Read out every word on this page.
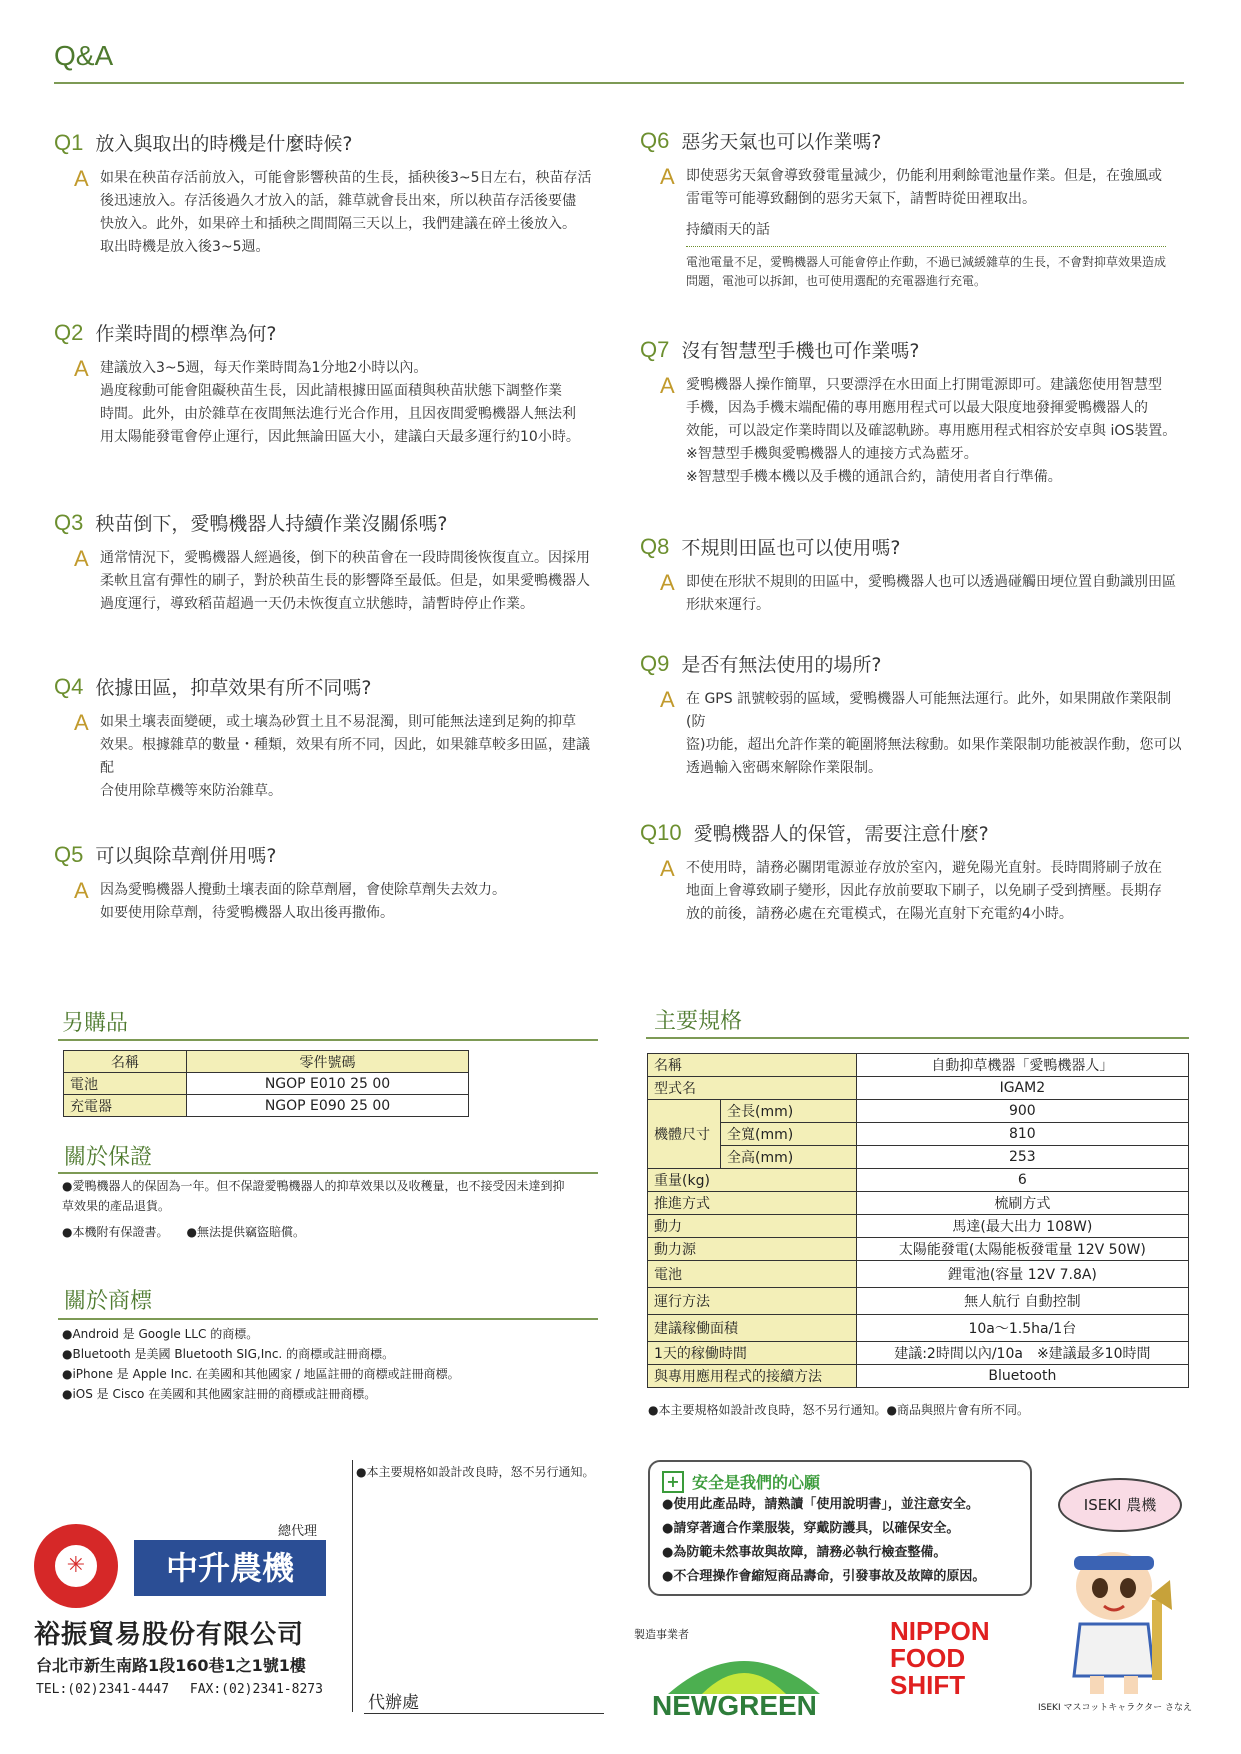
Q&A
Q1 放入與取出的時機是什麼時候?
A 如果在秧苗存活前放入，可能會影響秧苗的生長，插秧後3~5日左右，秧苗存活
後迅速放入。存活後過久才放入的話，雜草就會長出來，所以秧苗存活後要儘
快放入。此外，如果碎土和插秧之間間隔三天以上，我們建議在碎土後放入。
取出時機是放入後3~5週。
Q2 作業時間的標準為何?
A 建議放入3~5週，每天作業時間為1分地2小時以內。
過度稼動可能會阻礙秧苗生長，因此請根據田區面積與秧苗狀態下調整作業
時間。此外，由於雜草在夜間無法進行光合作用，且因夜間愛鴨機器人無法利
用太陽能發電會停止運行，因此無論田區大小，建議白天最多運行約10小時。
Q3 秧苗倒下，愛鴨機器人持續作業沒關係嗎?
A 通常情況下，愛鴨機器人經過後，倒下的秧苗會在一段時間後恢復直立。因採用
柔軟且富有彈性的刷子，對於秧苗生長的影響降至最低。但是，如果愛鴨機器人
過度運行，導致稻苗超過一天仍未恢復直立狀態時，請暫時停止作業。
Q4 依據田區，抑草效果有所不同嗎?
A 如果土壤表面變硬，或土壤為砂質土且不易混濁，則可能無法達到足夠的抑草
效果。根據雜草的數量・種類，效果有所不同，因此，如果雜草較多田區，建議配
合使用除草機等來防治雜草。
Q5 可以與除草劑併用嗎?
A 因為愛鴨機器人攪動土壤表面的除草劑層，會使除草劑失去效力。
如要使用除草劑，待愛鴨機器人取出後再撒佈。
Q6 惡劣天氣也可以作業嗎?
A 即使惡劣天氣會導致發電量減少，仍能利用剩餘電池量作業。但是，在強風或
雷電等可能導致翻倒的惡劣天氣下，請暫時從田裡取出。
持續雨天的話
電池電量不足，愛鴨機器人可能會停止作動，不過已減緩雜草的生長，不會對抑草效果造成
問題，電池可以拆卸，也可使用選配的充電器進行充電。
Q7 沒有智慧型手機也可作業嗎?
A 愛鴨機器人操作簡單，只要漂浮在水田面上打開電源即可。建議您使用智慧型
手機，因為手機末端配備的專用應用程式可以最大限度地發揮愛鴨機器人的
效能，可以設定作業時間以及確認軌跡。專用應用程式相容於安卓與 iOS裝置。
※智慧型手機與愛鴨機器人的連接方式為藍牙。
※智慧型手機本機以及手機的通訊合約，請使用者自行準備。
Q8 不規則田區也可以使用嗎?
A 即使在形狀不規則的田區中，愛鴨機器人也可以透過碰觸田埂位置自動識別田區
形狀來運行。
Q9 是否有無法使用的場所?
A 在 GPS 訊號較弱的區域，愛鴨機器人可能無法運行。此外，如果開啟作業限制(防
盜)功能，超出允許作業的範圍將無法稼動。如果作業限制功能被誤作動，您可以
透過輸入密碼來解除作業限制。
Q10 愛鴨機器人的保管，需要注意什麼?
A 不使用時，請務必關閉電源並存放於室內，避免陽光直射。長時間將刷子放在
地面上會導致刷子變形，因此存放前要取下刷子，以免刷子受到擠壓。長期存
放的前後，請務必處在充電模式，在陽光直射下充電約4小時。
另購品
名稱	零件號碼
電池	NGOP E010 25 00
充電器	NGOP E090 25 00
關於保證
●愛鴨機器人的保固為一年。但不保證愛鴨機器人的抑草效果以及收穫量，也不接受因未達到抑
草效果的產品退貨。
●本機附有保證書。　　●無法提供竊盜賠償。
關於商標
●Android 是 Google LLC 的商標。
●Bluetooth 是美國 Bluetooth SIG,Inc. 的商標或註冊商標。
●iPhone 是 Apple Inc. 在美國和其他國家 / 地區註冊的商標或註冊商標。
●iOS 是 Cisco 在美國和其他國家註冊的商標或註冊商標。
主要規格
名稱		自動抑草機器「愛鴨機器人」
型式名		IGAM2
機體尺寸	全長(mm)	900
	全寬(mm)	810
	全高(mm)	253
重量(kg)		6
推進方式		梳刷方式
動力		馬達(最大出力 108W)
動力源		太陽能發電(太陽能板發電量 12V 50W)
電池		鋰電池(容量 12V 7.8A)
運行方法		無人航行 自動控制
建議稼働面積		10a〜1.5ha/1台
1天的稼働時間		建議:2時間以內/10a　※建議最多10時間
與專用應用程式的接續方法		Bluetooth
●本主要規格如設計改良時，怒不另行通知。●商品與照片會有所不同。
●本主要規格如設計改良時，怒不另行通知。
✳
總代理
中升農機
裕振貿易股份有限公司
台北市新生南路1段160巷1之1號1樓
TEL:(02)2341-4447　 FAX:(02)2341-8273
代辦處
+ 安全是我們的心願
●使用此產品時，請熟讀「使用說明書」，並注意安全。
●請穿著適合作業服裝，穿戴防護具，以確保安全。
●為防範未然事故與故障，請務必執行檢查整備。
●不合理操作會縮短商品壽命，引發事故及故障的原因。
製造事業者
NEWGREEN
NIPPON
FOOD
SHIFT
ISEKI 農機
ISEKI マスコットキャラクター さなえ
